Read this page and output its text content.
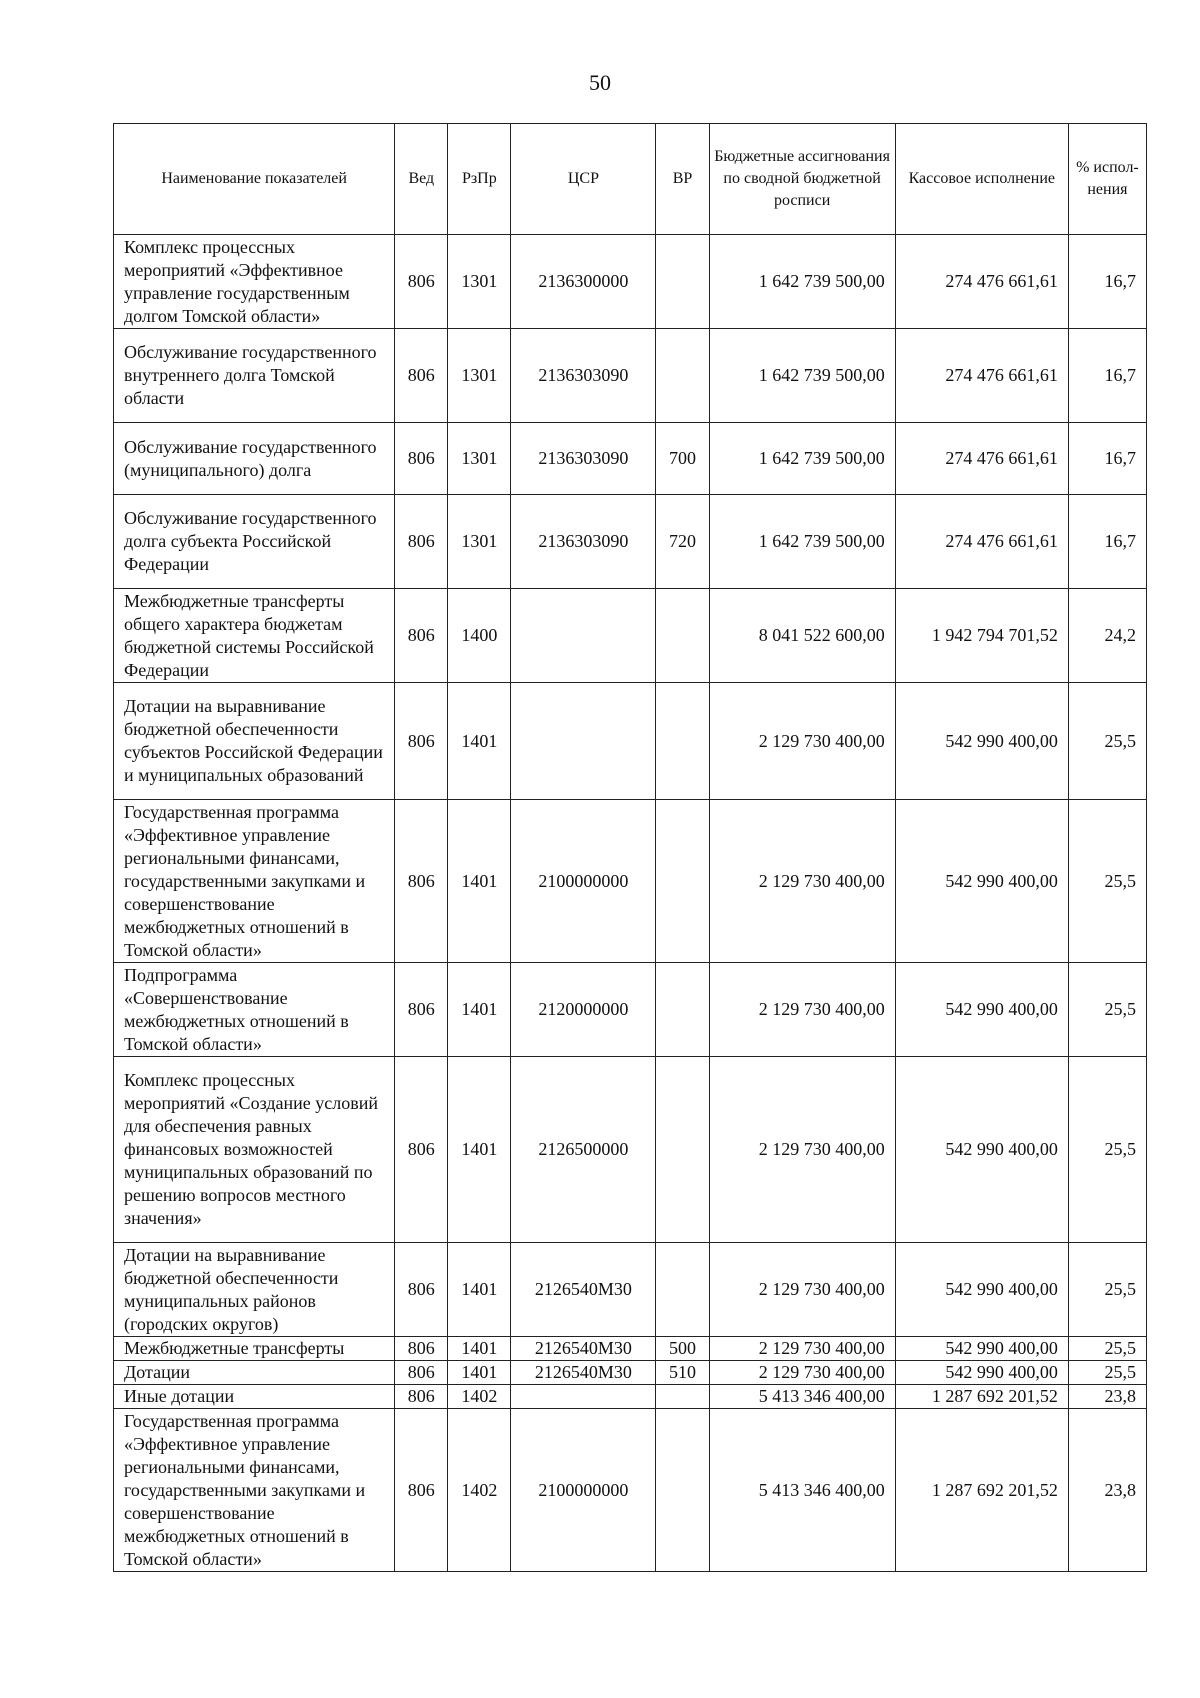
50
Наименование показателей	Вед	РзПр	ЦСР	ВР	Бюджетные ассигнования по сводной бюджетной росписи	Кассовое исполнение	% испол-нения
Комплекс процессных мероприятий «Эффективное управление государственным долгом Томской области»	806	1301	2136300000		1 642 739 500,00	274 476 661,61	16,7
Обслуживание государственного внутреннего долга Томской области	806	1301	2136303090		1 642 739 500,00	274 476 661,61	16,7
Обслуживание государственного (муниципального) долга	806	1301	2136303090	700	1 642 739 500,00	274 476 661,61	16,7
Обслуживание государственного долга субъекта Российской Федерации	806	1301	2136303090	720	1 642 739 500,00	274 476 661,61	16,7
Межбюджетные трансферты общего характера бюджетам бюджетной системы Российской Федерации	806	1400			8 041 522 600,00	1 942 794 701,52	24,2
Дотации на выравнивание бюджетной обеспеченности субъектов Российской Федерации и муниципальных образований	806	1401			2 129 730 400,00	542 990 400,00	25,5
Государственная программа «Эффективное управление региональными финансами, государственными закупками и совершенствование межбюджетных отношений в Томской области»	806	1401	2100000000		2 129 730 400,00	542 990 400,00	25,5
Подпрограмма «Совершенствование межбюджетных отношений в Томской области»	806	1401	2120000000		2 129 730 400,00	542 990 400,00	25,5
Комплекс процессных мероприятий «Создание условий для обеспечения равных финансовых возможностей муниципальных образований по решению вопросов местного значения»	806	1401	2126500000		2 129 730 400,00	542 990 400,00	25,5
Дотации на выравнивание бюджетной обеспеченности муниципальных районов (городских округов)	806	1401	2126540М30		2 129 730 400,00	542 990 400,00	25,5
Межбюджетные трансферты	806	1401	2126540М30	500	2 129 730 400,00	542 990 400,00	25,5
Дотации	806	1401	2126540М30	510	2 129 730 400,00	542 990 400,00	25,5
Иные дотации	806	1402			5 413 346 400,00	1 287 692 201,52	23,8
Государственная программа «Эффективное управление региональными финансами, государственными закупками и совершенствование межбюджетных отношений в Томской области»	806	1402	2100000000		5 413 346 400,00	1 287 692 201,52	23,8
